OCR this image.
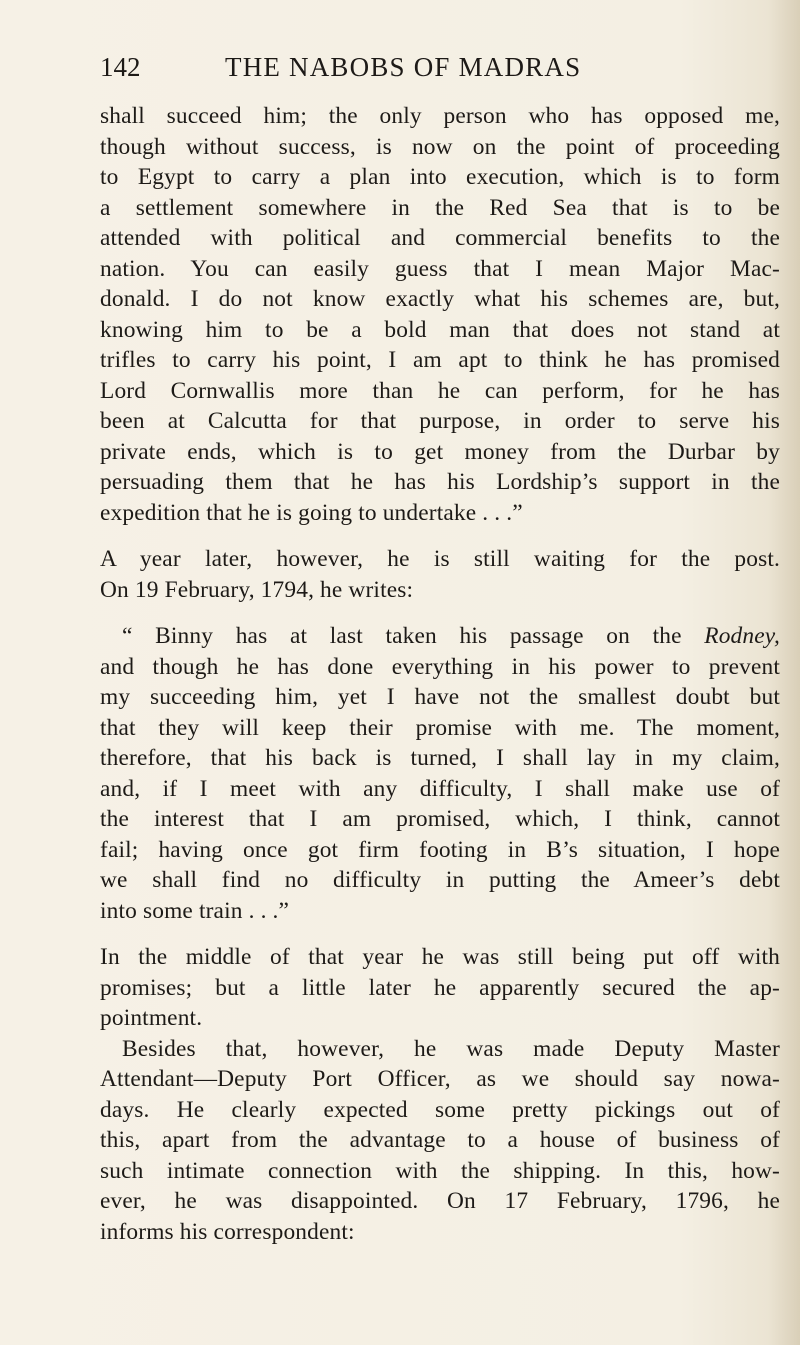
142	THE NABOBS OF MADRAS

shall succeed him; the only person who has opposed me,
though without success, is now on the point of proceeding
to Egypt to carry a plan into execution, which is to form
a settlement somewhere in the Red Sea that is to be
attended with political and commercial benefits to the
nation. You can easily guess that I mean Major Mac-
donald. I do not know exactly what his schemes are, but,
knowing him to be a bold man that does not stand at
trifles to carry his point, I am apt to think he has promised
Lord Cornwallis more than he can perform, for he has
been at Calcutta for that purpose, in order to serve his
private ends, which is to get money from the Durbar by
persuading them that he has his Lordship’s support in the
expedition that he is going to undertake . . .”

A year later, however, he is still waiting for the post.
On 19 February, 1794, he writes:

“ Binny has at last taken his passage on the Rodney,
and though he has done everything in his power to prevent
my succeeding him, yet I have not the smallest doubt but
that they will keep their promise with me. The moment,
therefore, that his back is turned, I shall lay in my claim,
and, if I meet with any difficulty, I shall make use of
the interest that I am promised, which, I think, cannot
fail; having once got firm footing in B’s situation, I hope
we shall find no difficulty in putting the Ameer’s debt
into some train . . .”

In the middle of that year he was still being put off with
promises; but a little later he apparently secured the ap-
pointment.

Besides that, however, he was made Deputy Master
Attendant—Deputy Port Officer, as we should say nowa-
days. He clearly expected some pretty pickings out of
this, apart from the advantage to a house of business of
such intimate connection with the shipping. In this, how-
ever, he was disappointed. On 17 February, 1796, he
informs his correspondent:
